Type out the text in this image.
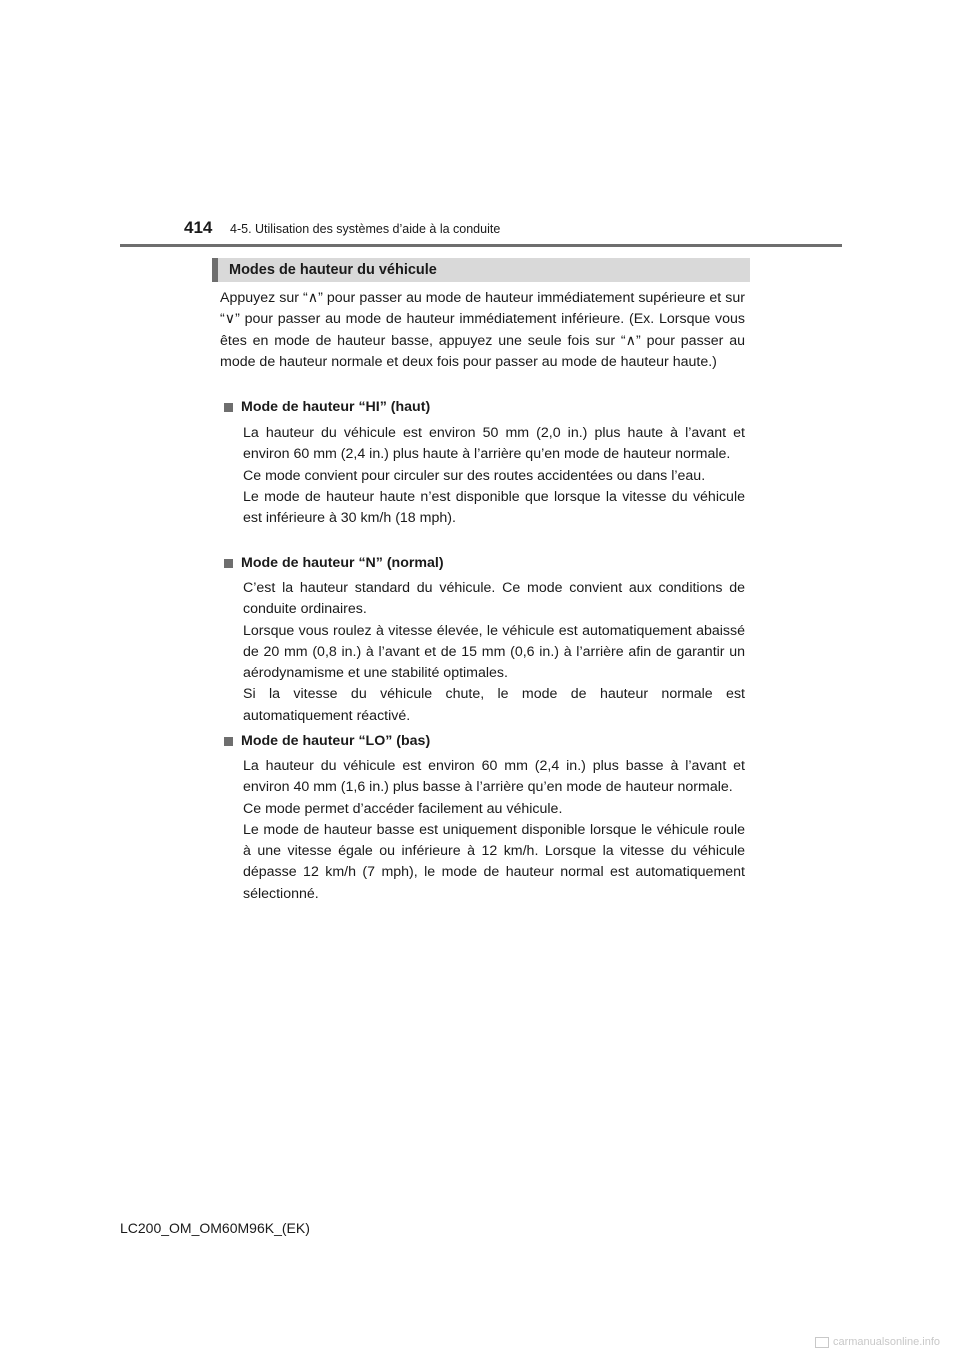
414 4-5. Utilisation des systèmes d’aide à la conduite
Modes de hauteur du véhicule
Appuyez sur “∧” pour passer au mode de hauteur immédiatement supérieure et sur “∨” pour passer au mode de hauteur immédiatement inférieure. (Ex. Lorsque vous êtes en mode de hauteur basse, appuyez une seule fois sur “∧” pour passer au mode de hauteur normale et deux fois pour passer au mode de hauteur haute.)
Mode de hauteur “HI” (haut)

La hauteur du véhicule est environ 50 mm (2,0 in.) plus haute à l’avant et environ 60 mm (2,4 in.) plus haute à l’arrière qu’en mode de hauteur normale.

Ce mode convient pour circuler sur des routes accidentées ou dans l’eau.

Le mode de hauteur haute n’est disponible que lorsque la vitesse du véhicule est inférieure à 30 km/h (18 mph).

Mode de hauteur “N” (normal)

C’est la hauteur standard du véhicule. Ce mode convient aux conditions de conduite ordinaires.

Lorsque vous roulez à vitesse élevée, le véhicule est automatiquement abaissé de 20 mm (0,8 in.) à l’avant et de 15 mm (0,6 in.) à l’arrière afin de garantir un aérodynamisme et une stabilité optimales.

Si la vitesse du véhicule chute, le mode de hauteur normale est automatiquement réactivé.

Mode de hauteur “LO” (bas)

La hauteur du véhicule est environ 60 mm (2,4 in.) plus basse à l’avant et environ 40 mm (1,6 in.) plus basse à l’arrière qu’en mode de hauteur normale.

Ce mode permet d’accéder facilement au véhicule.

Le mode de hauteur basse est uniquement disponible lorsque le véhicule roule à une vitesse égale ou inférieure à 12 km/h. Lorsque la vitesse du véhicule dépasse 12 km/h (7 mph), le mode de hauteur normal est automatiquement sélectionné.

LC200_OM_OM60M96K_(EK)
carmanualsonline.info
